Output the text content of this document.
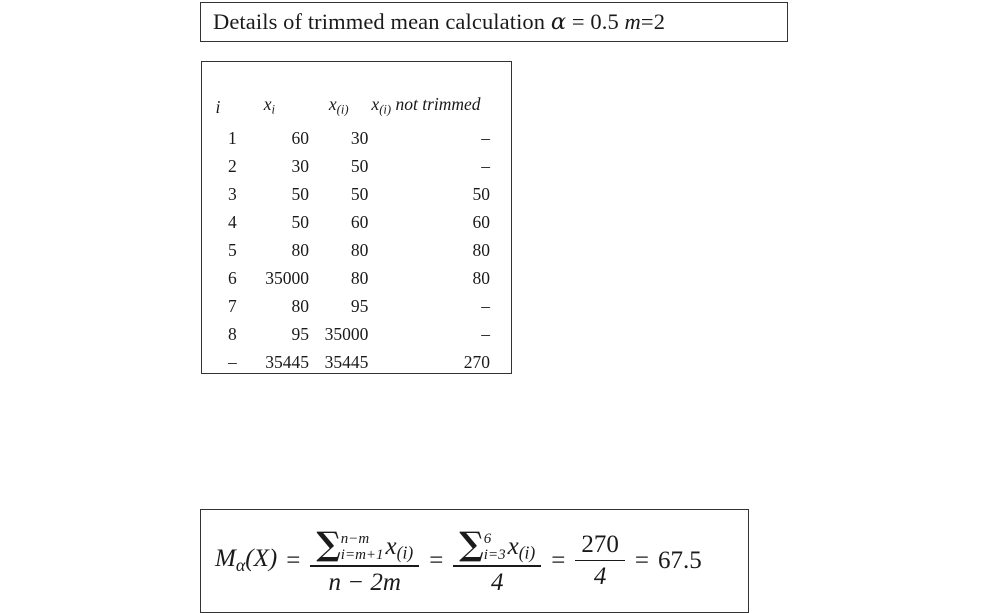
Details of trimmed mean calculation α = 0.5 m=2
i	$x_i$	$x_{(i)}$	$x_{(i)}$ not trimmed
1	60	30	–
2	30	50	–
3	50	50	50
4	50	60	60
5	80	80	80
6	35000	80	80
7	80	95	–
8	95	35000	–
–	35445	35445	270
$M_\alpha(X)$ = ∑ n−m
i=m+1 x(i)
n − 2m = ∑ 6
i=3 x(i)
$4 = \frac{270}{4} = 67.5$
